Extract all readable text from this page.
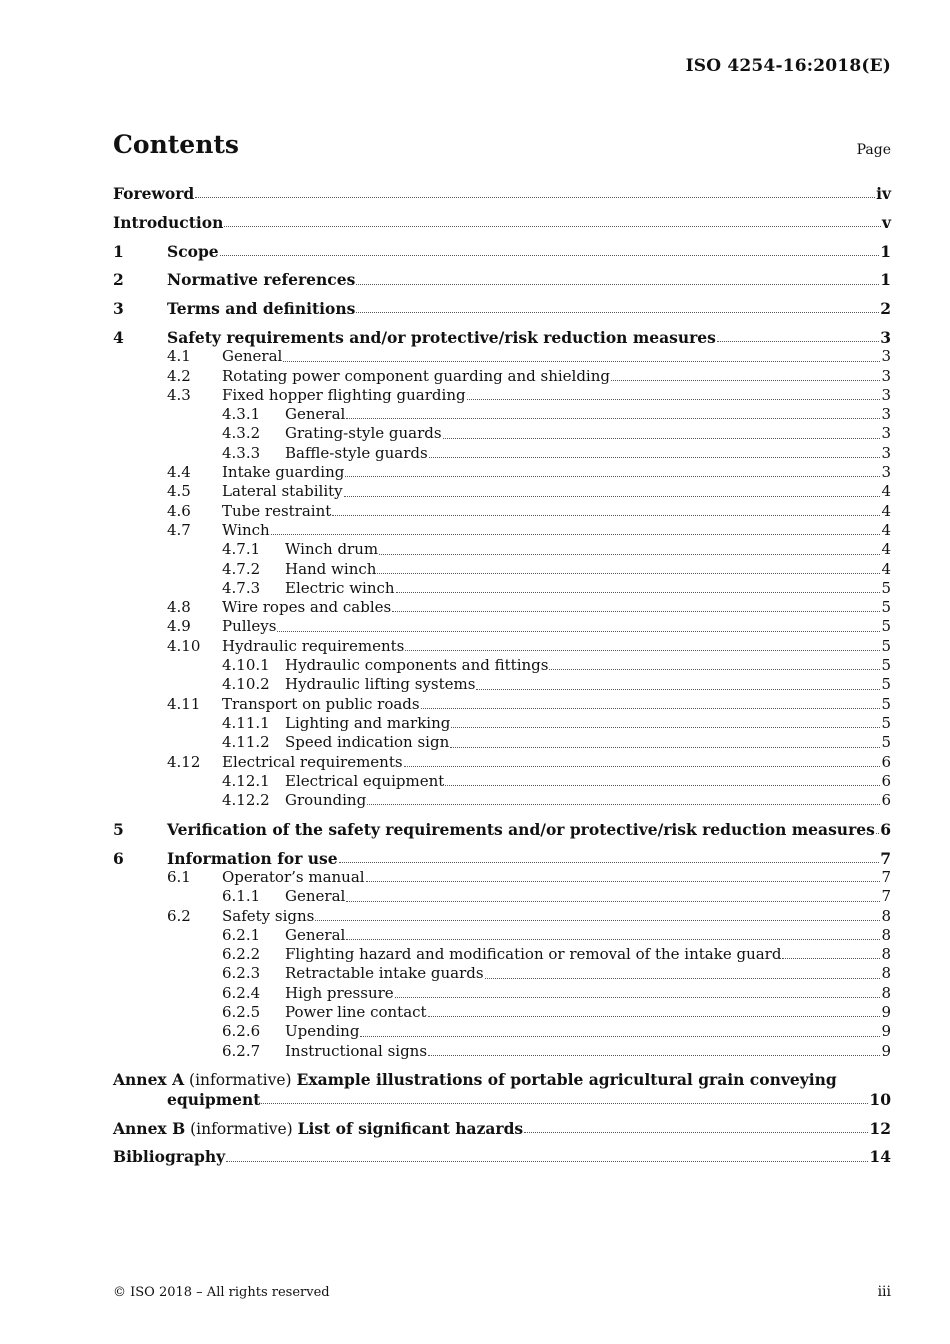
ISO 4254-16:2018(E)
Contents	Page
Foreword	iv
Introduction	v
1	Scope	1
2	Normative references	1
3	Terms and definitions	2
4	Safety requirements and/or protective/risk reduction measures	3
4.1	General	3
4.2	Rotating power component guarding and shielding	3
4.3	Fixed hopper flighting guarding	3
4.3.1	General	3
4.3.2	Grating-style guards	3
4.3.3	Baffle-style guards	3
4.4	Intake guarding	3
4.5	Lateral stability	4
4.6	Tube restraint	4
4.7	Winch	4
4.7.1	Winch drum	4
4.7.2	Hand winch	4
4.7.3	Electric winch	5
4.8	Wire ropes and cables	5
4.9	Pulleys	5
4.10	Hydraulic requirements	5
4.10.1	Hydraulic components and fittings	5
4.10.2	Hydraulic lifting systems	5
4.11	Transport on public roads	5
4.11.1	Lighting and marking	5
4.11.2	Speed indication sign	5
4.12	Electrical requirements	6
4.12.1	Electrical equipment	6
4.12.2	Grounding	6
5	Verification of the safety requirements and/or protective/risk reduction measures 6
6	Information for use	7
6.1	Operator’s manual	7
6.1.1	General	7
6.2	Safety signs	8
6.2.1	General	8
6.2.2	Flighting hazard and modification or removal of the intake guard	8
6.2.3	Retractable intake guards	8
6.2.4	High pressure	8
6.2.5	Power line contact	9
6.2.6	Upending	9
6.2.7	Instructional signs	9
Annex A (informative) Example illustrations of portable agricultural grain conveying
equipment	10
Annex B (informative) List of significant hazards	12
Bibliography	14
© ISO 2018 – All rights reserved	iii
